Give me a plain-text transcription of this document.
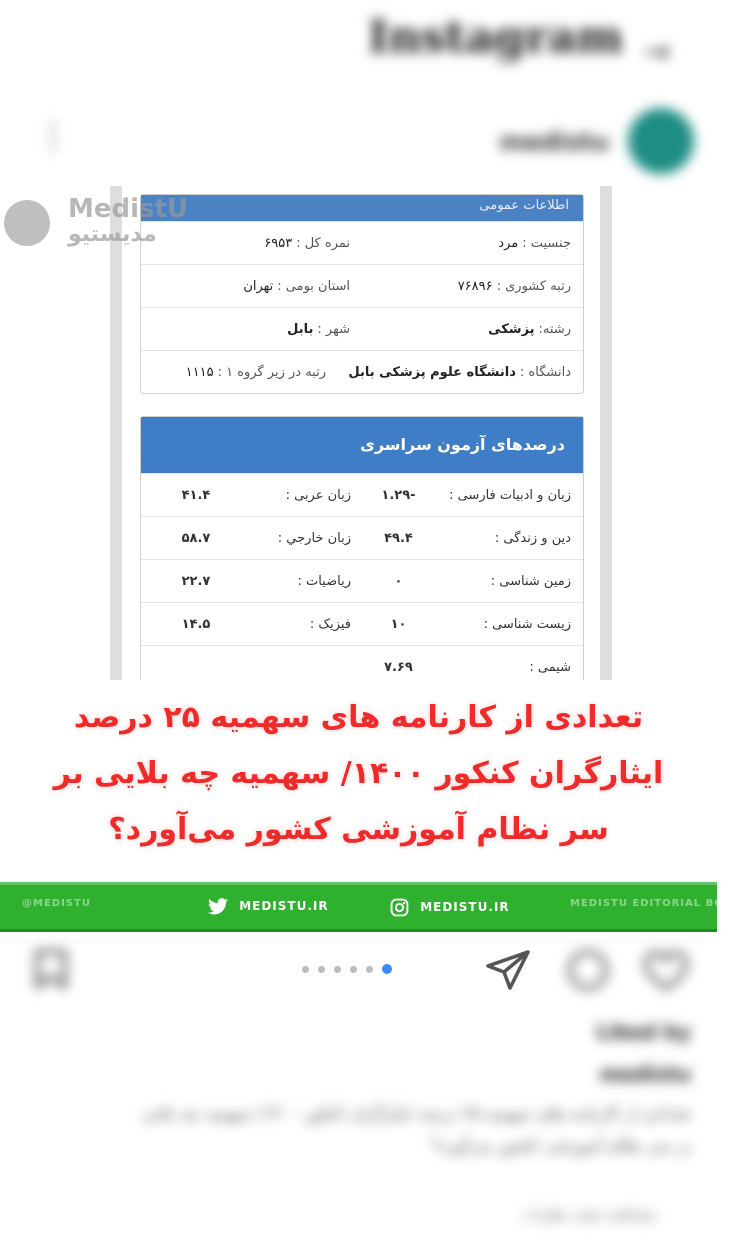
Instagram →
⋮	medistu
اطلاعات عمومی
جنسیت :
مرد
نمره کل :
۶۹۵۳
رتبه کشوری :
۷۶۸۹۶
استان بومی :
تهران
رشته:
پزشکی
شهر :
بابل
دانشگاه :
دانشگاه علوم پزشکی بابل
رتبه در زیر گروه ۱ :
۱۱۱۵
درصدهای آزمون سراسری
زبان و ادبیات فارسی :
-۱.۲۹
زبان عربی :
۴۱.۴
دین و زندگی :
۴۹.۴
زبان خارجي :
۵۸.۷
زمین شناسی :
۰
ریاضیات :
۲۲.۷
زیست شناسی :
۱۰
فیزیک :
۱۴.۵
شیمی :
۷.۶۹
MedistU
مدیستیو
تعدادی از کارنامه های سهمیه ۲۵ درصد
ایثارگران کنکور ۱۴۰۰/ سهمیه چه بلایی بر
سر نظام آموزشی کشور می‌آورد؟
@MEDISTU	MEDISTU.IR	MEDISTU.IR	MEDISTU EDITORIAL BOARD
Liked by
medistu
تعدادی از کارنامه های سهمیه ۲۵ درصد ایثارگران کنکور ۱۴۰۰/ سهمیه چه بلایی بر سر نظام آموزشی کشور می‌آورد؟
مشاهده همه نظرات
